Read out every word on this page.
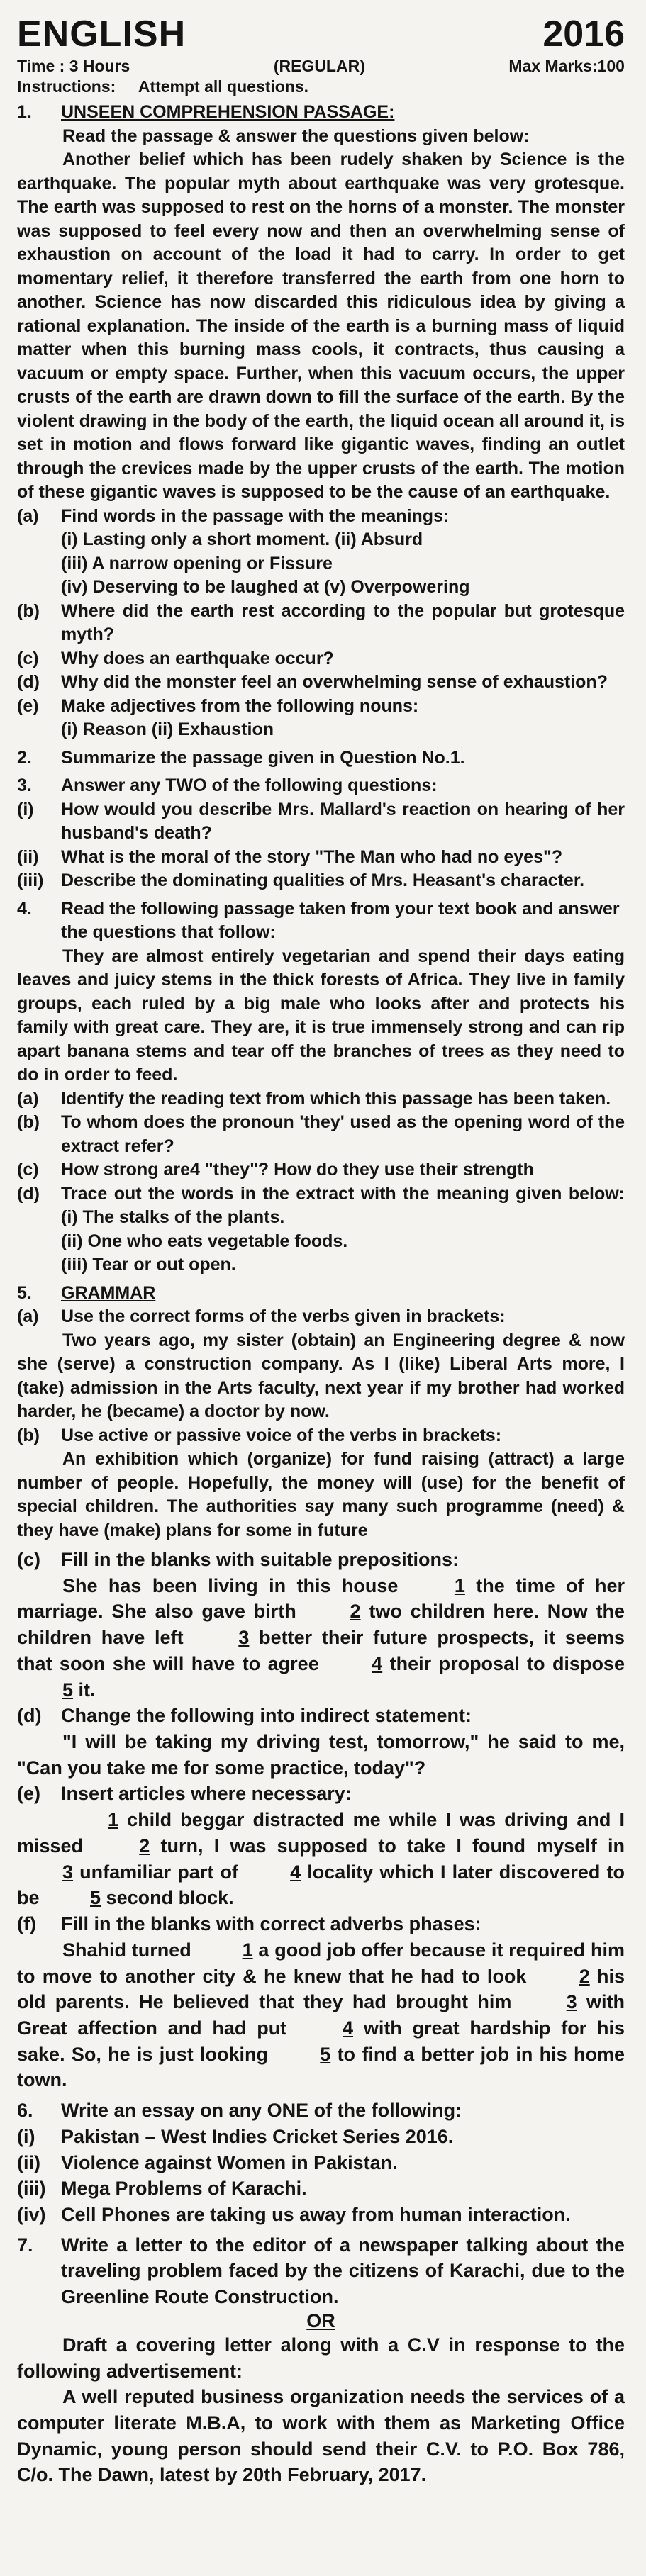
ENGLISH	2016
Time : 3 Hours	(REGULAR)	Max Marks:100
Instructions: Attempt all questions.
1.	UNSEEN COMPREHENSION PASSAGE:

Read the passage & answer the questions given below:

Another belief which has been rudely shaken by Science is the earthquake. The popular myth about earthquake was very grotesque. The earth was supposed to rest on the horns of a monster. The monster was supposed to feel every now and then an overwhelming sense of exhaustion on account of the load it had to carry. In order to get momentary relief, it therefore transferred the earth from one horn to another. Science has now discarded this ridiculous idea by giving a rational explanation. The inside of the earth is a burning mass of liquid matter when this burning mass cools, it contracts, thus causing a vacuum or empty space. Further, when this vacuum occurs, the upper crusts of the earth are drawn down to fill the surface of the earth. By the violent drawing in the body of the earth, the liquid ocean all around it, is set in motion and flows forward like gigantic waves, finding an outlet through the crevices made by the upper crusts of the earth. The motion of these gigantic waves is supposed to be the cause of an earthquake.

(a)	Find words in the passage with the meanings:
(i) Lasting only a short moment. (ii) Absurd
(iii) A narrow opening or Fissure
(iv) Deserving to be laughed at (v) Overpowering
(b)	Where did the earth rest according to the popular but grotesque myth?
(c)	Why does an earthquake occur?
(d)	Why did the monster feel an overwhelming sense of exhaustion?
(e)	Make adjectives from the following nouns:
(i) Reason (ii) Exhaustion
2.	Summarize the passage given in Question No.1.
3.	Answer any TWO of the following questions:
(i)	How would you describe Mrs. Mallard's reaction on hearing of her husband's death?
(ii)	What is the moral of the story "The Man who had no eyes"?
(iii) Describe the dominating qualities of Mrs. Heasant's character.
4.	Read the following passage taken from your text book and answer the questions that follow:

They are almost entirely vegetarian and spend their days eating leaves and juicy stems in the thick forests of Africa. They live in family groups, each ruled by a big male who looks after and protects his family with great care. They are, it is true immensely strong and can rip apart banana stems and tear off the branches of trees as they need to do in order to feed.

(a)	Identify the reading text from which this passage has been taken.
(b)	To whom does the pronoun 'they' used as the opening word of the extract refer?
(c)	How strong are4 "they"? How do they use their strength
(d)	Trace out the words in the extract with the meaning given below: (i) The stalks of the plants.
(ii) One who eats vegetable foods.
(iii) Tear or out open.
5.	GRAMMAR
(a)	Use the correct forms of the verbs given in brackets:

Two years ago, my sister (obtain) an Engineering degree & now she (serve) a construction company. As I (like) Liberal Arts more, I (take) admission in the Arts faculty, next year if my brother had worked harder, he (became) a doctor by now.

(b)	Use active or passive voice of the verbs in brackets:

An exhibition which (organize) for fund raising (attract) a large number of people. Hopefully, the money will (use) for the benefit of special children. The authorities say many such programme (need) & they have (make) plans for some in future

(c)	Fill in the blanks with suitable prepositions:

She has been living in this house	1 the time of her marriage. She also gave birth	2 two children here. Now the children have left	3 better their future prospects, it seems that soon she will have to agree	4 their proposal to dispose 5 it.

(d)	Change the following into indirect statement:

"I will be taking my driving test, tomorrow," he said to me, "Can you take me for some practice, today"?

(e)	Insert articles where necessary:

1 child beggar distracted me while I was driving and I missed	2 turn, I was supposed to take I found myself in 3 unfamiliar part of	4 locality which I later discovered to be	5 second block.

(f)	Fill in the blanks with correct adverbs phases:

Shahid turned	1 a good job offer because it required him to move to another city & he knew that he had to look	2 his old parents. He believed that they had brought him	3 with Great affection and had put	4 with great hardship for his sake. So, he is just looking	5 to find a better job in his home town.

6.	Write an essay on any ONE of the following:
(i)	Pakistan – West Indies Cricket Series 2016.
(ii)	Violence against Women in Pakistan.
(iii) Mega Problems of Karachi.
(iv) Cell Phones are taking us away from human interaction.
7.	Write a letter to the editor of a newspaper talking about the traveling problem faced by the citizens of Karachi, due to the Greenline Route Construction.
OR

Draft a covering letter along with a C.V in response to the following advertisement:

A well reputed business organization needs the services of a computer literate M.B.A, to work with them as Marketing Office Dynamic, young person should send their C.V. to P.O. Box 786, C/o. The Dawn, latest by 20th February, 2017.
